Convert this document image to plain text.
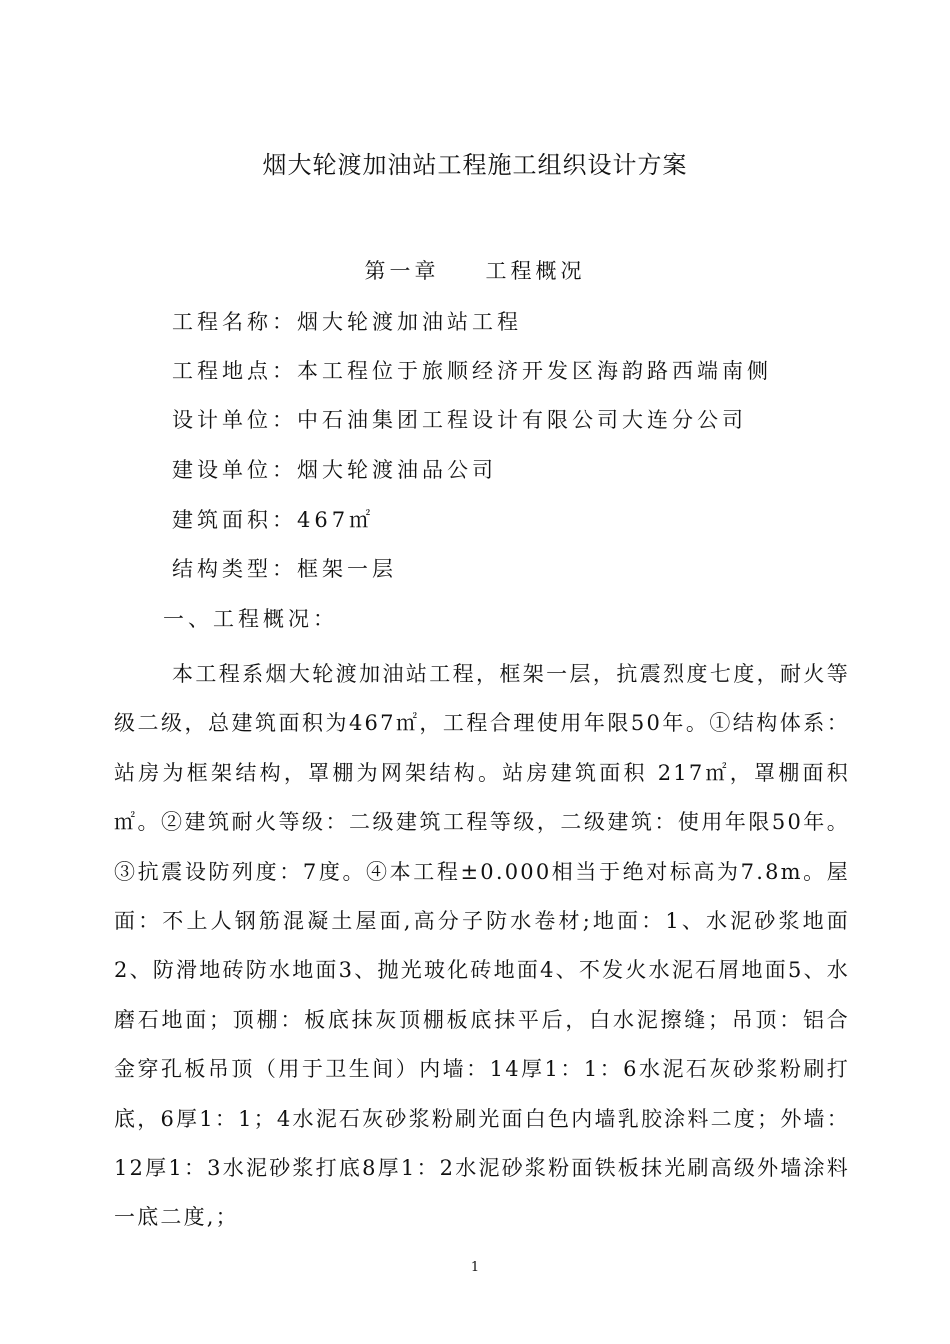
烟大轮渡加油站工程施工组织设计方案
第一章 工程概况
工程名称：烟大轮渡加油站工程
工程地点：本工程位于旅顺经济开发区海韵路西端南侧
设计单位：中石油集团工程设计有限公司大连分公司
建设单位：烟大轮渡油品公司
建筑面积：467㎡
结构类型：框架一层
一、工程概况：
本工程系烟大轮渡加油站工程，框架一层，抗震烈度七度，耐火等级二级，总建筑面积为467㎡，工程合理使用年限50年。①结构体系： 站房为框架结构，罩棚为网架结构。站房建筑面积 217㎡，罩棚面积㎡。②建筑耐火等级：二级建筑工程等级，二级建筑：使用年限50年。③抗震设防列度：7度。④本工程±0.000相当于绝对标高为7.8m。屋面：不上人钢筋混凝土屋面,高分子防水卷材;地面：1、水泥砂浆地面2、防滑地砖防水地面3、抛光玻化砖地面4、不发火水泥石屑地面5、水磨石地面；顶棚：板底抹灰顶棚板底抹平后，白水泥擦缝；吊顶：铝合金穿孔板吊顶（用于卫生间）内墙：14厚1：1：6水泥石灰砂浆粉刷打底，6厚1：1；4水泥石灰砂浆粉刷光面白色内墙乳胶涂料二度；外墙：12厚1：3水泥砂浆打底8厚1：2水泥砂浆粉面铁板抹光刷高级外墙涂料一底二度,；
1
